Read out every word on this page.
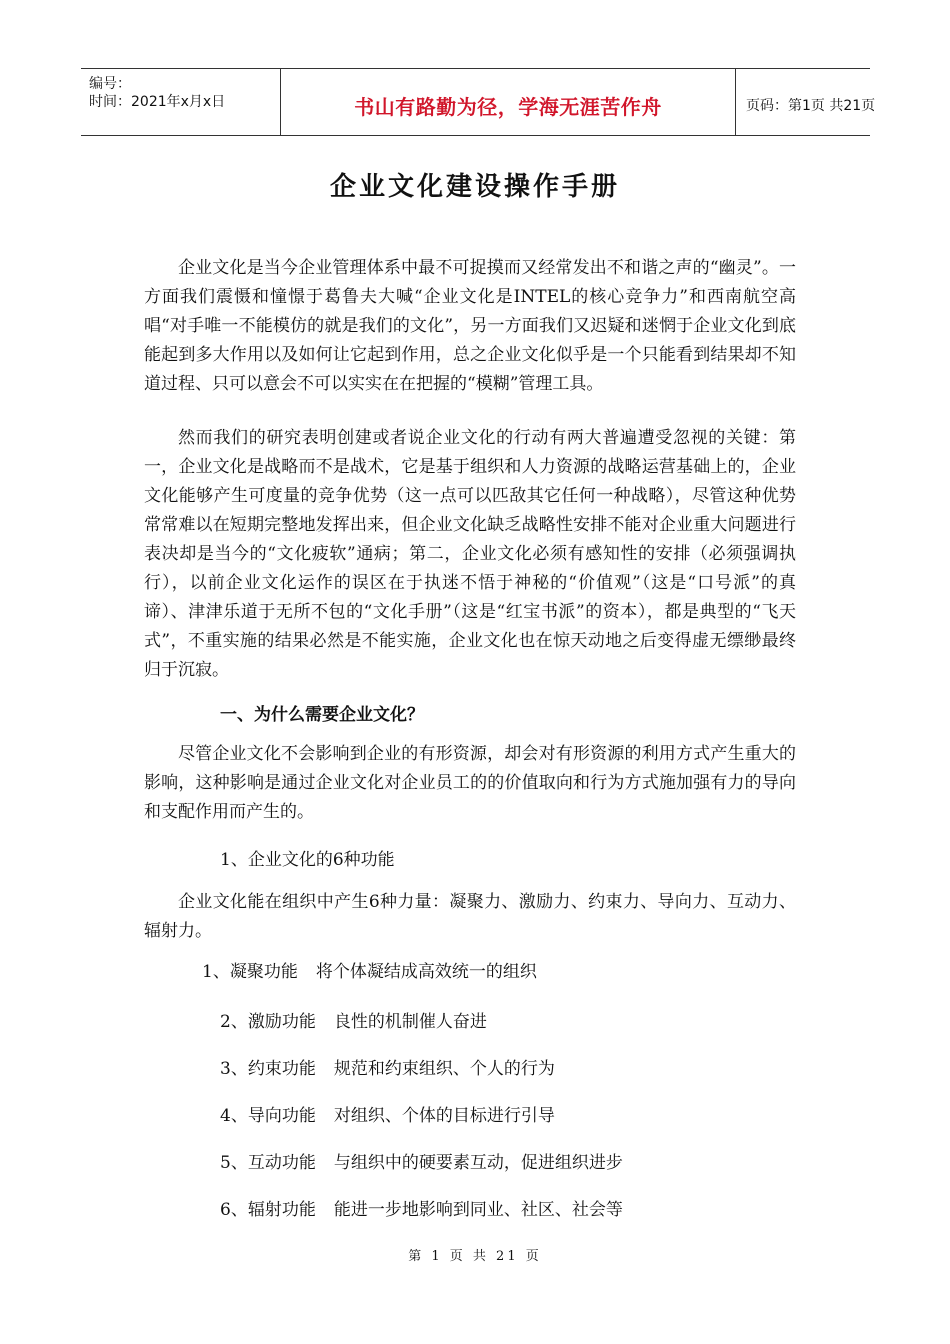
编号：
时间：2021年x月x日	书山有路勤为径，学海无涯苦作舟	页码：第1页 共21页
企业文化建设操作手册

企业文化是当今企业管理体系中最不可捉摸而又经常发出不和谐之声的“幽灵”。一方面我们震慑和憧憬于葛鲁夫大喊“企业文化是INTEL的核心竞争力”和西南航空高唱“对手唯一不能模仿的就是我们的文化”，另一方面我们又迟疑和迷惘于企业文化到底能起到多大作用以及如何让它起到作用，总之企业文化似乎是一个只能看到结果却不知道过程、只可以意会不可以实实在在把握的“模糊”管理工具。

然而我们的研究表明创建或者说企业文化的行动有两大普遍遭受忽视的关键：第一，企业文化是战略而不是战术，它是基于组织和人力资源的战略运营基础上的，企业文化能够产生可度量的竞争优势（这一点可以匹敌其它任何一种战略），尽管这种优势常常难以在短期完整地发挥出来，但企业文化缺乏战略性安排不能对企业重大问题进行表决却是当今的“文化疲软”通病；第二，企业文化必须有感知性的安排（必须强调执行），以前企业文化运作的误区在于执迷不悟于神秘的“价值观”（这是“口号派”的真谛）、津津乐道于无所不包的“文化手册”（这是“红宝书派”的资本），都是典型的“飞天式”，不重实施的结果必然是不能实施，企业文化也在惊天动地之后变得虚无缥缈最终归于沉寂。

一、为什么需要企业文化？

尽管企业文化不会影响到企业的有形资源，却会对有形资源的利用方式产生重大的影响，这种影响是通过企业文化对企业员工的的价值取向和行为方式施加强有力的导向和支配作用而产生的。

1、企业文化的6种功能

企业文化能在组织中产生6种力量：凝聚力、激励力、约束力、导向力、互动力、辐射力。

1、凝聚功能 将个体凝结成高效统一的组织
2、激励功能 良性的机制催人奋进
3、约束功能 规范和约束组织、个人的行为
4、导向功能 对组织、个体的目标进行引导
5、互动功能 与组织中的硬要素互动，促进组织进步
6、辐射功能 能进一步地影响到同业、社区、社会等
第 1 页 共 21 页
